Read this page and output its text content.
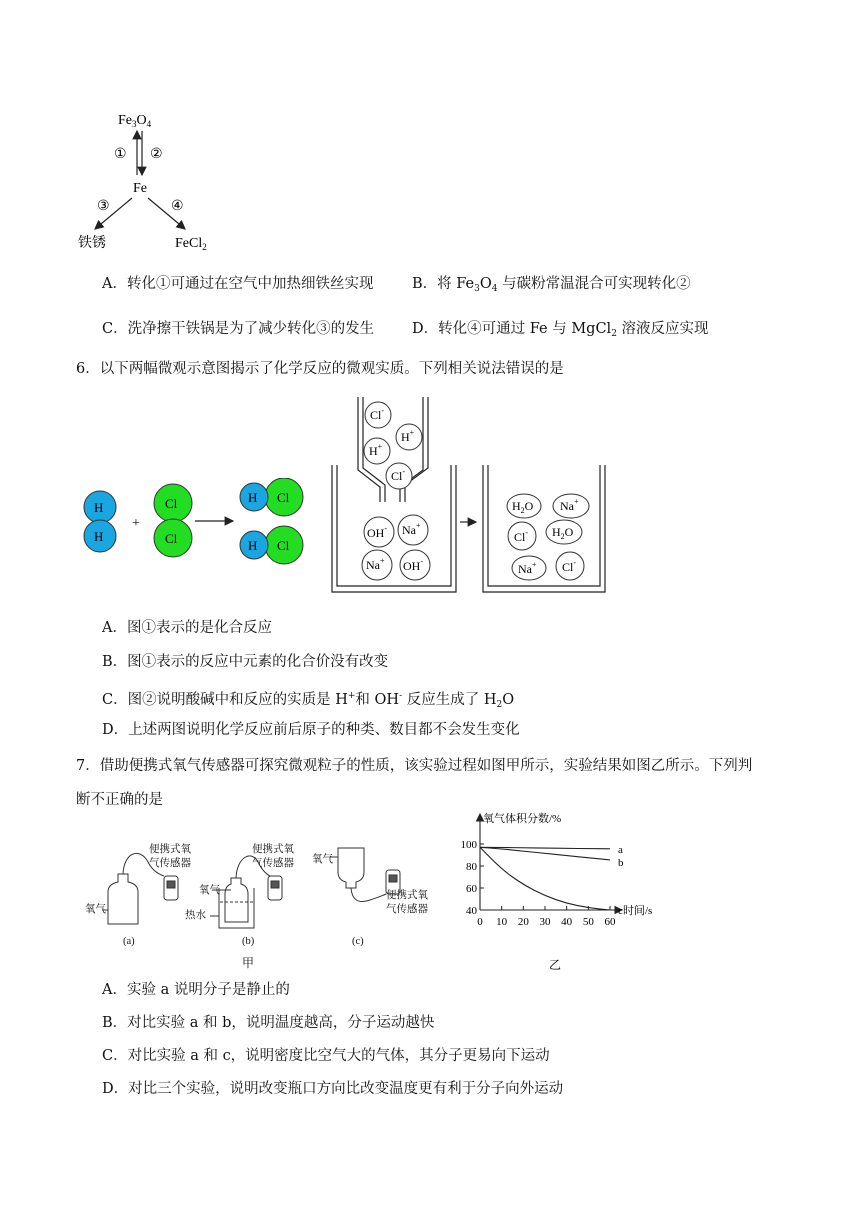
$Fe_3O_4$
① ②
Fe
③	④
铁锈	FeCl$_2$
A．转化①可通过在空气中加热细铁丝实现	B．将 $Fe_3O_4$ 与碳粉常温混合可实现转化②
C．洗净擦干铁锅是为了减少转化③的发生	D．转化④可通过 Fe 与 MgCl$_2$ 溶液反应实现
6．以下两幅微观示意图揭示了化学反应的微观实质。下列相关说法错误的是
H
H
+
Cl
Cl
H Cl
H Cl
Cl-
H+
H+
Cl-
OH- Na+
Na+ OH-
$H_2O$ Na+
Cl- $H_2O$
Na+ Cl-
A．图①表示的是化合反应
B．图①表示的反应中元素的化合价没有改变
C．图②说明酸碱中和反应的实质是 H+和 OH- 反应生成了 $H_2O$
D．上述两图说明化学反应前后原子的种类、数目都不会发生变化
7．借助便携式氧气传感器可探究微观粒子的性质，该实验过程如图甲所示，实验结果如图乙所示。下列判
断不正确的是
便携式氧
气传感器
氧气
(a)
便携式氧
气传感器
氧气
热水
(b)
氧气
便携式氧
气传感器
(c)
甲
氧气体积分数/%
时间/s
40
60
80
100
0 10 20 30 40 50 60
a
b
c
乙
A．实验 a 说明分子是静止的
B．对比实验 a 和 b，说明温度越高，分子运动越快
C．对比实验 a 和 c，说明密度比空气大的气体，其分子更易向下运动
D．对比三个实验，说明改变瓶口方向比改变温度更有利于分子向外运动
